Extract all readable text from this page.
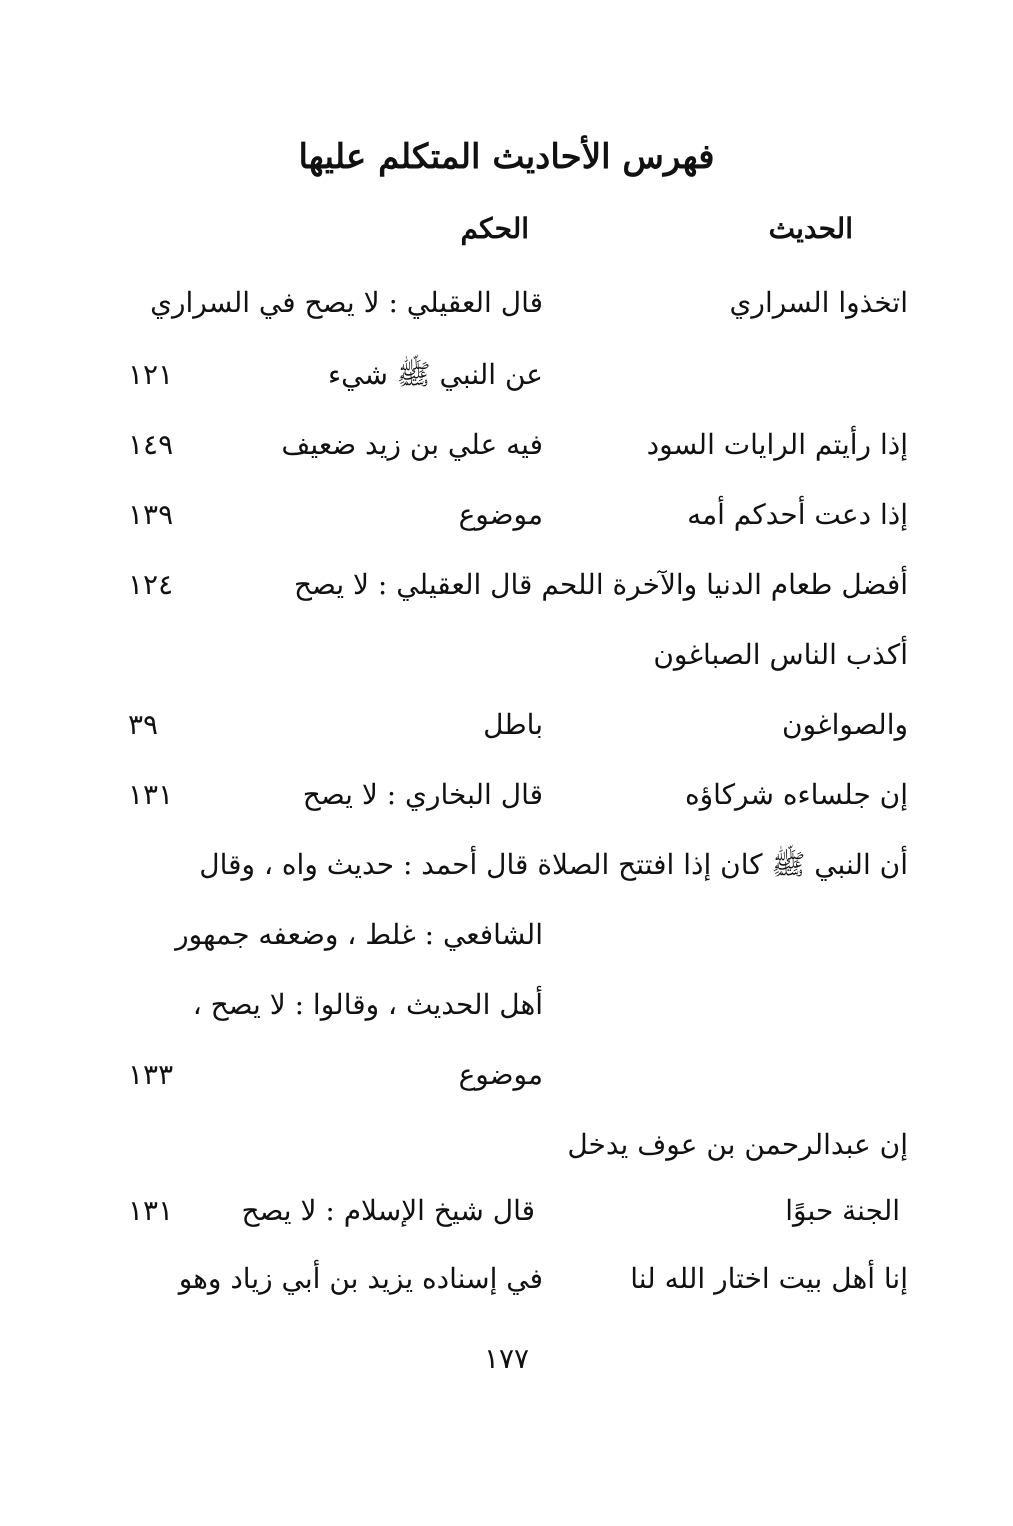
فهرس الأحاديث المتكلم عليها
الحديث
الحكم
اتخذوا السراري
قال العقيلي : لا يصح في السراري
عن النبي ﷺ شيء
١٢١
إذا رأيتم الرايات السود
فيه علي بن زيد ضعيف
١٤٩
إذا دعت أحدكم أمه
موضوع
١٣٩
أفضل طعام الدنيا والآخرة اللحم قال العقيلي : لا يصح
١٢٤
أكذب الناس الصباغون
والصواغون
باطل
٣٩
إن جلساءه شركاؤه
قال البخاري : لا يصح
١٣١
أن النبي ﷺ كان إذا افتتح الصلاة قال أحمد : حديث واه ، وقال
الشافعي : غلط ، وضعفه جمهور
أهل الحديث ، وقالوا : لا يصح ،
موضوع
١٣٣
إن عبدالرحمن بن عوف يدخل
الجنة حبوًا
قال شيخ الإسلام : لا يصح
١٣١
إنا أهل بيت اختار الله لنا
في إسناده يزيد بن أبي زياد وهو
١٧٧
